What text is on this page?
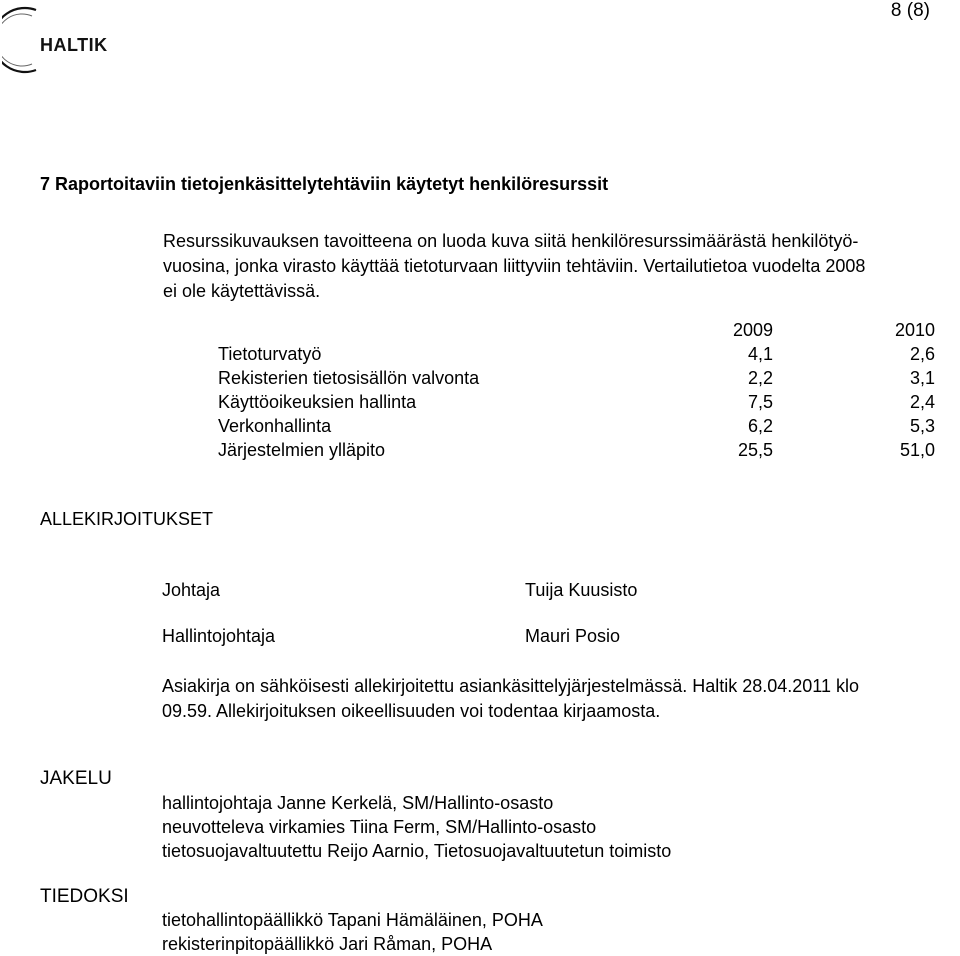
HALTIK
8 (8)
7 Raportoitaviin tietojenkäsittelytehtäviin käytetyt henkilöresurssit
Resurssikuvauksen tavoitteena on luoda kuva siitä henkilöresurssimäärästä henkilötyö-
vuosina, jonka virasto käyttää tietoturvaan liittyviin tehtäviin. Vertailutietoa vuodelta 2008
ei ole käytettävissä.
2009	2010
Tietoturvatyö	4,1	2,6
Rekisterien tietosisällön valvonta	2,2	3,1
Käyttöoikeuksien hallinta	7,5	2,4
Verkonhallinta	6,2	5,3
Järjestelmien ylläpito	25,5	51,0
ALLEKIRJOITUKSET
Johtaja	Tuija Kuusisto
Hallintojohtaja	Mauri Posio
Asiakirja on sähköisesti allekirjoitettu asiankäsittelyjärjestelmässä. Haltik 28.04.2011 klo
09.59. Allekirjoituksen oikeellisuuden voi todentaa kirjaamosta.
JAKELU
hallintojohtaja Janne Kerkelä, SM/Hallinto-osasto
neuvotteleva virkamies Tiina Ferm, SM/Hallinto-osasto
tietosuojavaltuutettu Reijo Aarnio, Tietosuojavaltuutetun toimisto
TIEDOKSI
tietohallintopäällikkö Tapani Hämäläinen, POHA
rekisterinpitopäällikkö Jari Råman, POHA
